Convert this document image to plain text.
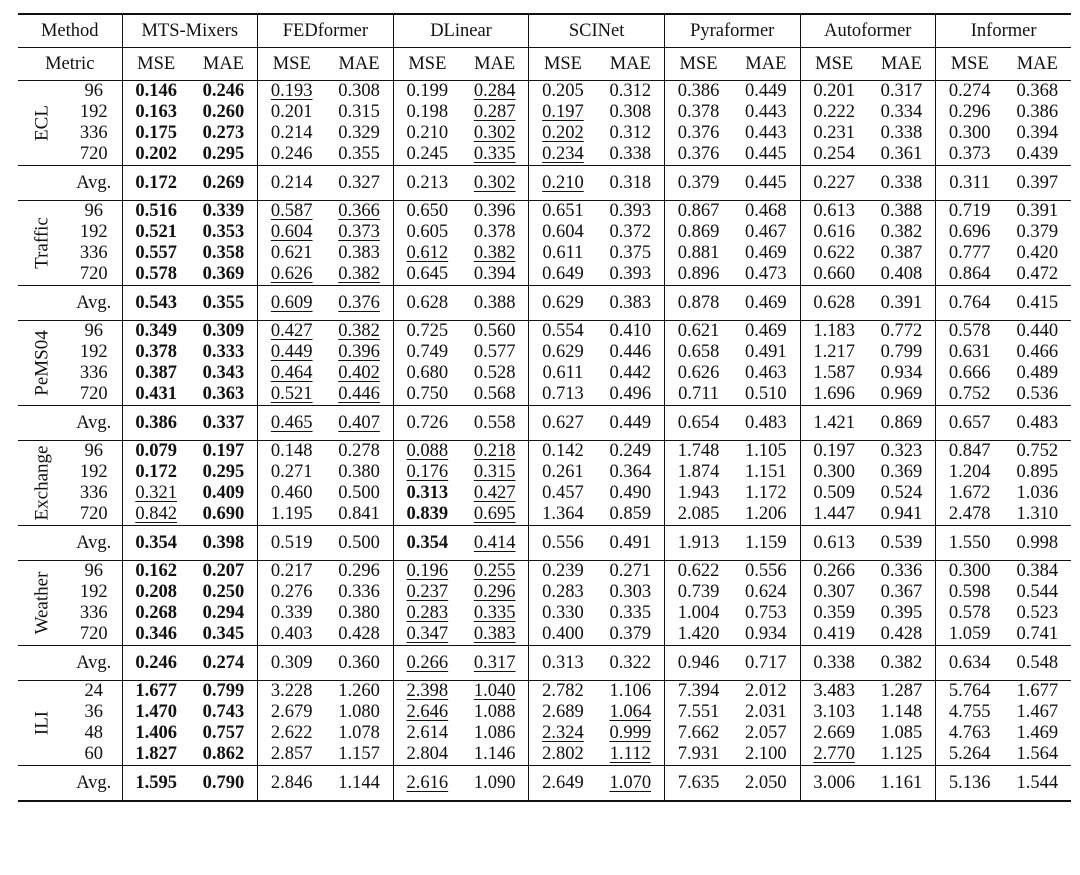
Method		MTS-Mixers		FEDformer		DLinear		SCINet		Pyraformer		Autoformer		Informer	
Metric		MSE	MAE	MSE	MAE	MSE	MAE	MSE	MAE	MSE	MAE	MSE	MAE	MSE	MAE

ECL	96	0.146	0.246	0.193	0.308	0.199	0.284	0.205	0.312	0.386	0.449	0.201	0.317	0.274	0.368
	192	0.163	0.260	0.201	0.315	0.198	0.287	0.197	0.308	0.378	0.443	0.222	0.334	0.296	0.386
	336	0.175	0.273	0.214	0.329	0.210	0.302	0.202	0.312	0.376	0.443	0.231	0.338	0.300	0.394
	720	0.202	0.295	0.246	0.355	0.245	0.335	0.234	0.338	0.376	0.445	0.254	0.361	0.373	0.439
	Avg.	0.172	0.269	0.214	0.327	0.213	0.302	0.210	0.318	0.379	0.445	0.227	0.338	0.311	0.397

Traffic	96	0.516	0.339	0.587	0.366	0.650	0.396	0.651	0.393	0.867	0.468	0.613	0.388	0.719	0.391
	192	0.521	0.353	0.604	0.373	0.605	0.378	0.604	0.372	0.869	0.467	0.616	0.382	0.696	0.379
	336	0.557	0.358	0.621	0.383	0.612	0.382	0.611	0.375	0.881	0.469	0.622	0.387	0.777	0.420
	720	0.578	0.369	0.626	0.382	0.645	0.394	0.649	0.393	0.896	0.473	0.660	0.408	0.864	0.472
	Avg.	0.543	0.355	0.609	0.376	0.628	0.388	0.629	0.383	0.878	0.469	0.628	0.391	0.764	0.415

PeMS04	96	0.349	0.309	0.427	0.382	0.725	0.560	0.554	0.410	0.621	0.469	1.183	0.772	0.578	0.440
	192	0.378	0.333	0.449	0.396	0.749	0.577	0.629	0.446	0.658	0.491	1.217	0.799	0.631	0.466
	336	0.387	0.343	0.464	0.402	0.680	0.528	0.611	0.442	0.626	0.463	1.587	0.934	0.666	0.489
	720	0.431	0.363	0.521	0.446	0.750	0.568	0.713	0.496	0.711	0.510	1.696	0.969	0.752	0.536
	Avg.	0.386	0.337	0.465	0.407	0.726	0.558	0.627	0.449	0.654	0.483	1.421	0.869	0.657	0.483

Exchange	96	0.079	0.197	0.148	0.278	0.088	0.218	0.142	0.249	1.748	1.105	0.197	0.323	0.847	0.752
	192	0.172	0.295	0.271	0.380	0.176	0.315	0.261	0.364	1.874	1.151	0.300	0.369	1.204	0.895
	336	0.321	0.409	0.460	0.500	0.313	0.427	0.457	0.490	1.943	1.172	0.509	0.524	1.672	1.036
	720	0.842	0.690	1.195	0.841	0.839	0.695	1.364	0.859	2.085	1.206	1.447	0.941	2.478	1.310
	Avg.	0.354	0.398	0.519	0.500	0.354	0.414	0.556	0.491	1.913	1.159	0.613	0.539	1.550	0.998

Weather	96	0.162	0.207	0.217	0.296	0.196	0.255	0.239	0.271	0.622	0.556	0.266	0.336	0.300	0.384
	192	0.208	0.250	0.276	0.336	0.237	0.296	0.283	0.303	0.739	0.624	0.307	0.367	0.598	0.544
	336	0.268	0.294	0.339	0.380	0.283	0.335	0.330	0.335	1.004	0.753	0.359	0.395	0.578	0.523
	720	0.346	0.345	0.403	0.428	0.347	0.383	0.400	0.379	1.420	0.934	0.419	0.428	1.059	0.741
	Avg.	0.246	0.274	0.309	0.360	0.266	0.317	0.313	0.322	0.946	0.717	0.338	0.382	0.634	0.548

ILI	24	1.677	0.799	3.228	1.260	2.398	1.040	2.782	1.106	7.394	2.012	3.483	1.287	5.764	1.677
	36	1.470	0.743	2.679	1.080	2.646	1.088	2.689	1.064	7.551	2.031	3.103	1.148	4.755	1.467
	48	1.406	0.757	2.622	1.078	2.614	1.086	2.324	0.999	7.662	2.057	2.669	1.085	4.763	1.469
	60	1.827	0.862	2.857	1.157	2.804	1.146	2.802	1.112	7.931	2.100	2.770	1.125	5.264	1.564
	Avg.	1.595	0.790	2.846	1.144	2.616	1.090	2.649	1.070	7.635	2.050	3.006	1.161	5.136	1.544
